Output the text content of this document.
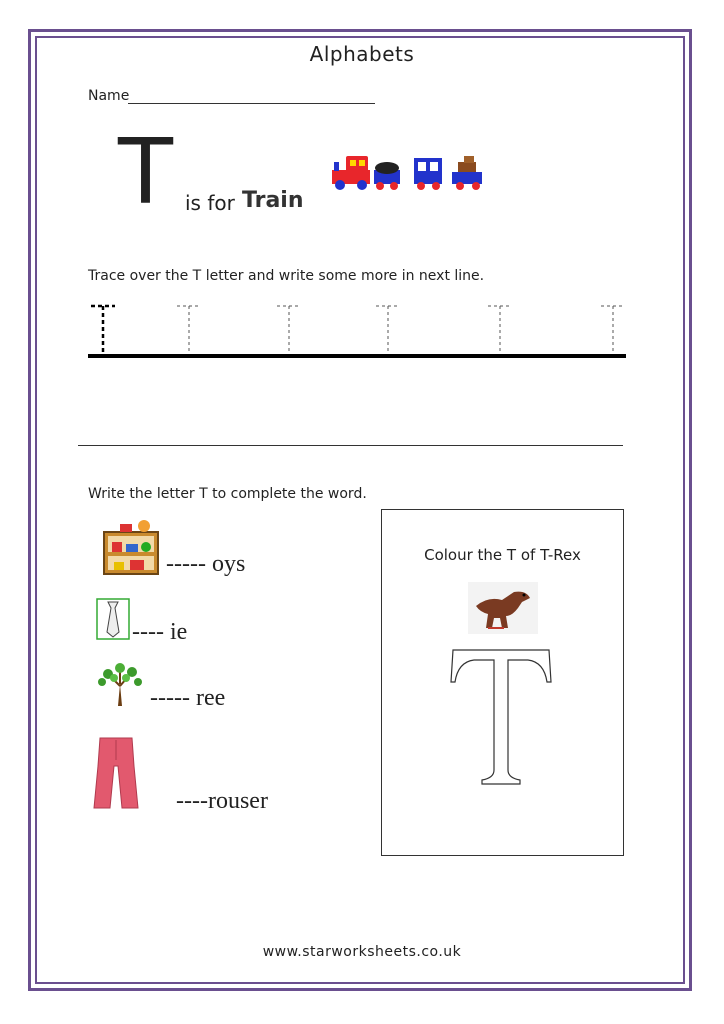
Alphabets
Name
T is for Train
Trace over the T letter and write some more in next line.
Write the letter T to complete the word.
----- oys
---- ie
----- ree
----rouser
Colour the T of T-Rex
www.starworksheets.co.uk
